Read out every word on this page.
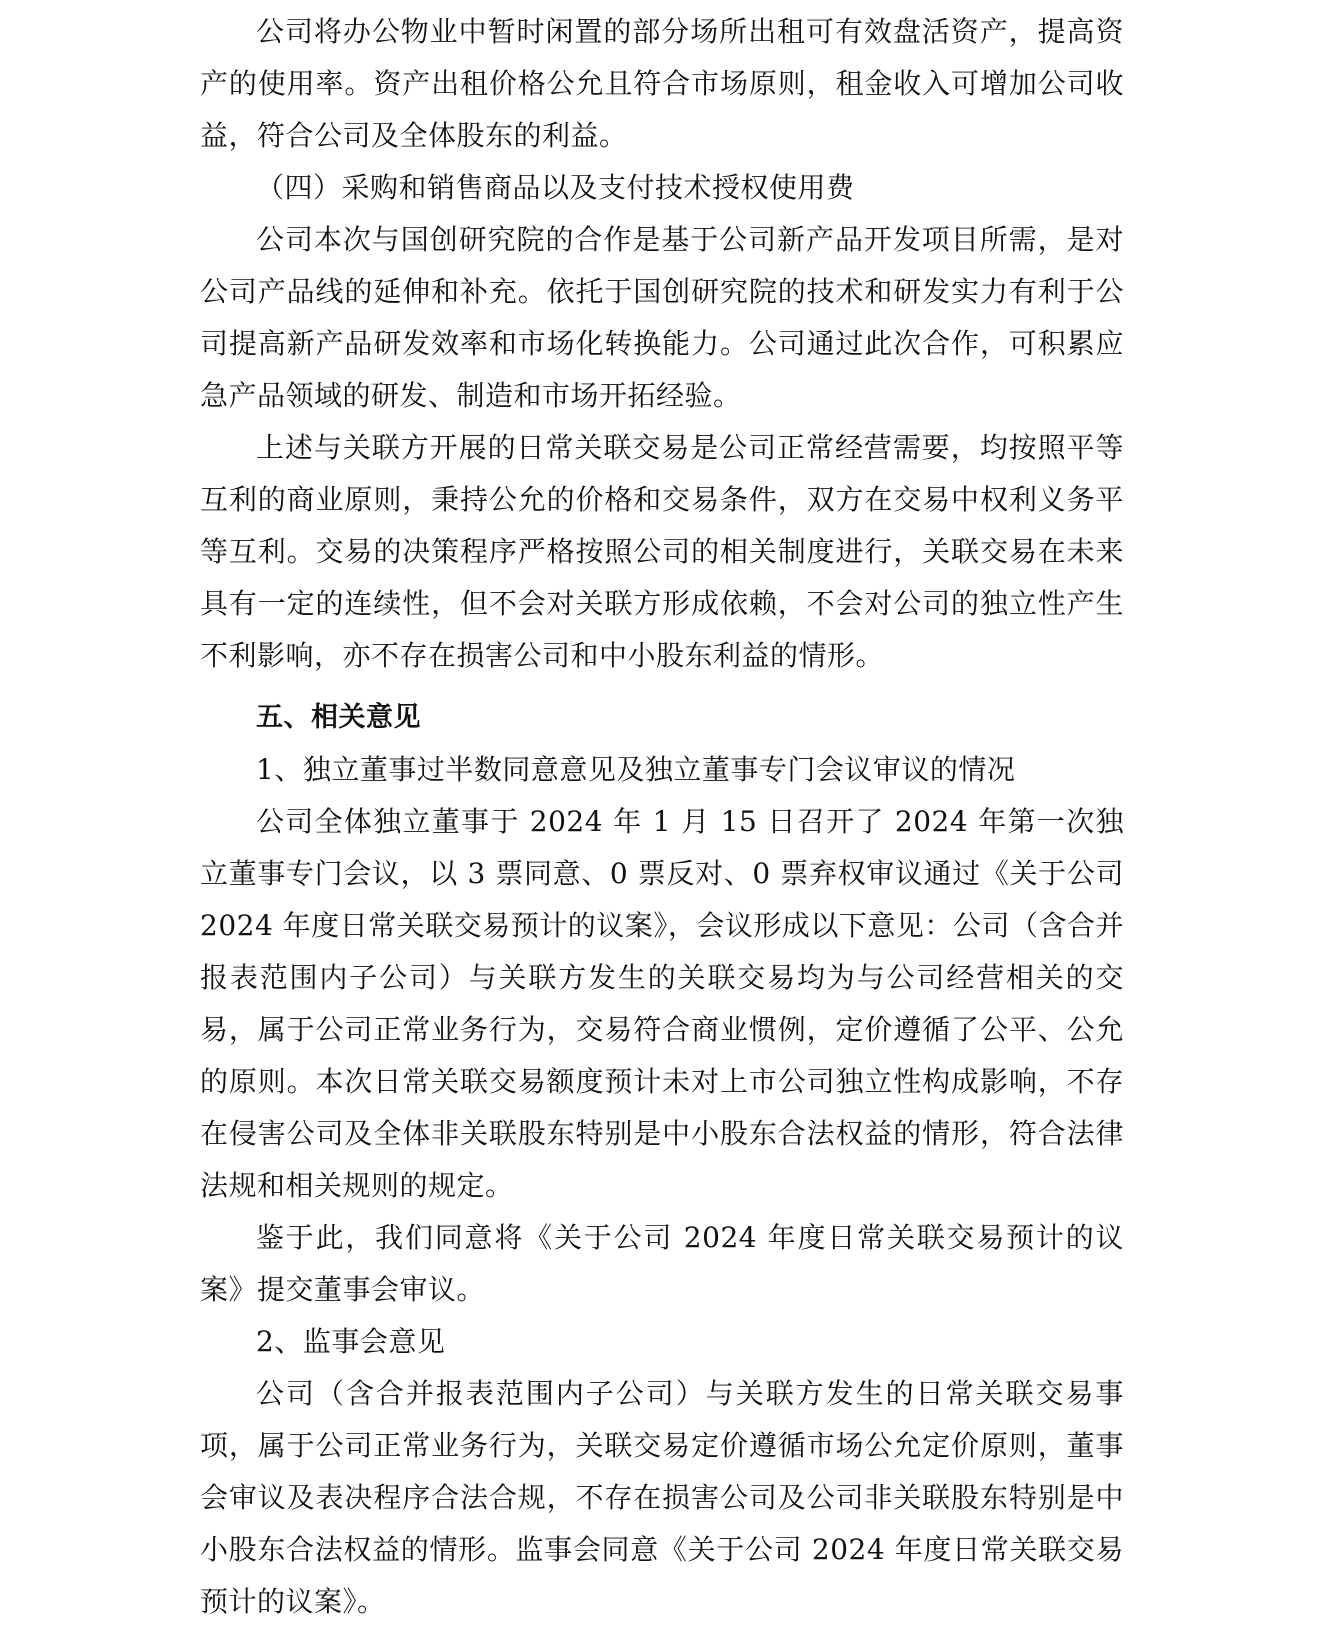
公司将办公物业中暂时闲置的部分场所出租可有效盘活资产，提高资产的使用率。资产出租价格公允且符合市场原则，租金收入可增加公司收益，符合公司及全体股东的利益。

（四）采购和销售商品以及支付技术授权使用费

公司本次与国创研究院的合作是基于公司新产品开发项目所需，是对公司产品线的延伸和补充。依托于国创研究院的技术和研发实力有利于公司提高新产品研发效率和市场化转换能力。公司通过此次合作，可积累应急产品领域的研发、制造和市场开拓经验。

上述与关联方开展的日常关联交易是公司正常经营需要，均按照平等互利的商业原则，秉持公允的价格和交易条件，双方在交易中权利义务平等互利。交易的决策程序严格按照公司的相关制度进行，关联交易在未来具有一定的连续性，但不会对关联方形成依赖，不会对公司的独立性产生不利影响，亦不存在损害公司和中小股东利益的情形。

五、相关意见

1、独立董事过半数同意意见及独立董事专门会议审议的情况

公司全体独立董事于 2024 年 1 月 15 日召开了 2024 年第一次独立董事专门会议，以 3 票同意、0 票反对、0 票弃权审议通过《关于公司 2024 年度日常关联交易预计的议案》，会议形成以下意见：公司（含合并报表范围内子公司）与关联方发生的关联交易均为与公司经营相关的交易，属于公司正常业务行为，交易符合商业惯例，定价遵循了公平、公允的原则。本次日常关联交易额度预计未对上市公司独立性构成影响，不存在侵害公司及全体非关联股东特别是中小股东合法权益的情形，符合法律法规和相关规则的规定。

鉴于此，我们同意将《关于公司 2024 年度日常关联交易预计的议案》提交董事会审议。

2、监事会意见

公司（含合并报表范围内子公司）与关联方发生的日常关联交易事项，属于公司正常业务行为，关联交易定价遵循市场公允定价原则，董事会审议及表决程序合法合规，不存在损害公司及公司非关联股东特别是中小股东合法权益的情形。监事会同意《关于公司 2024 年度日常关联交易预计的议案》。
